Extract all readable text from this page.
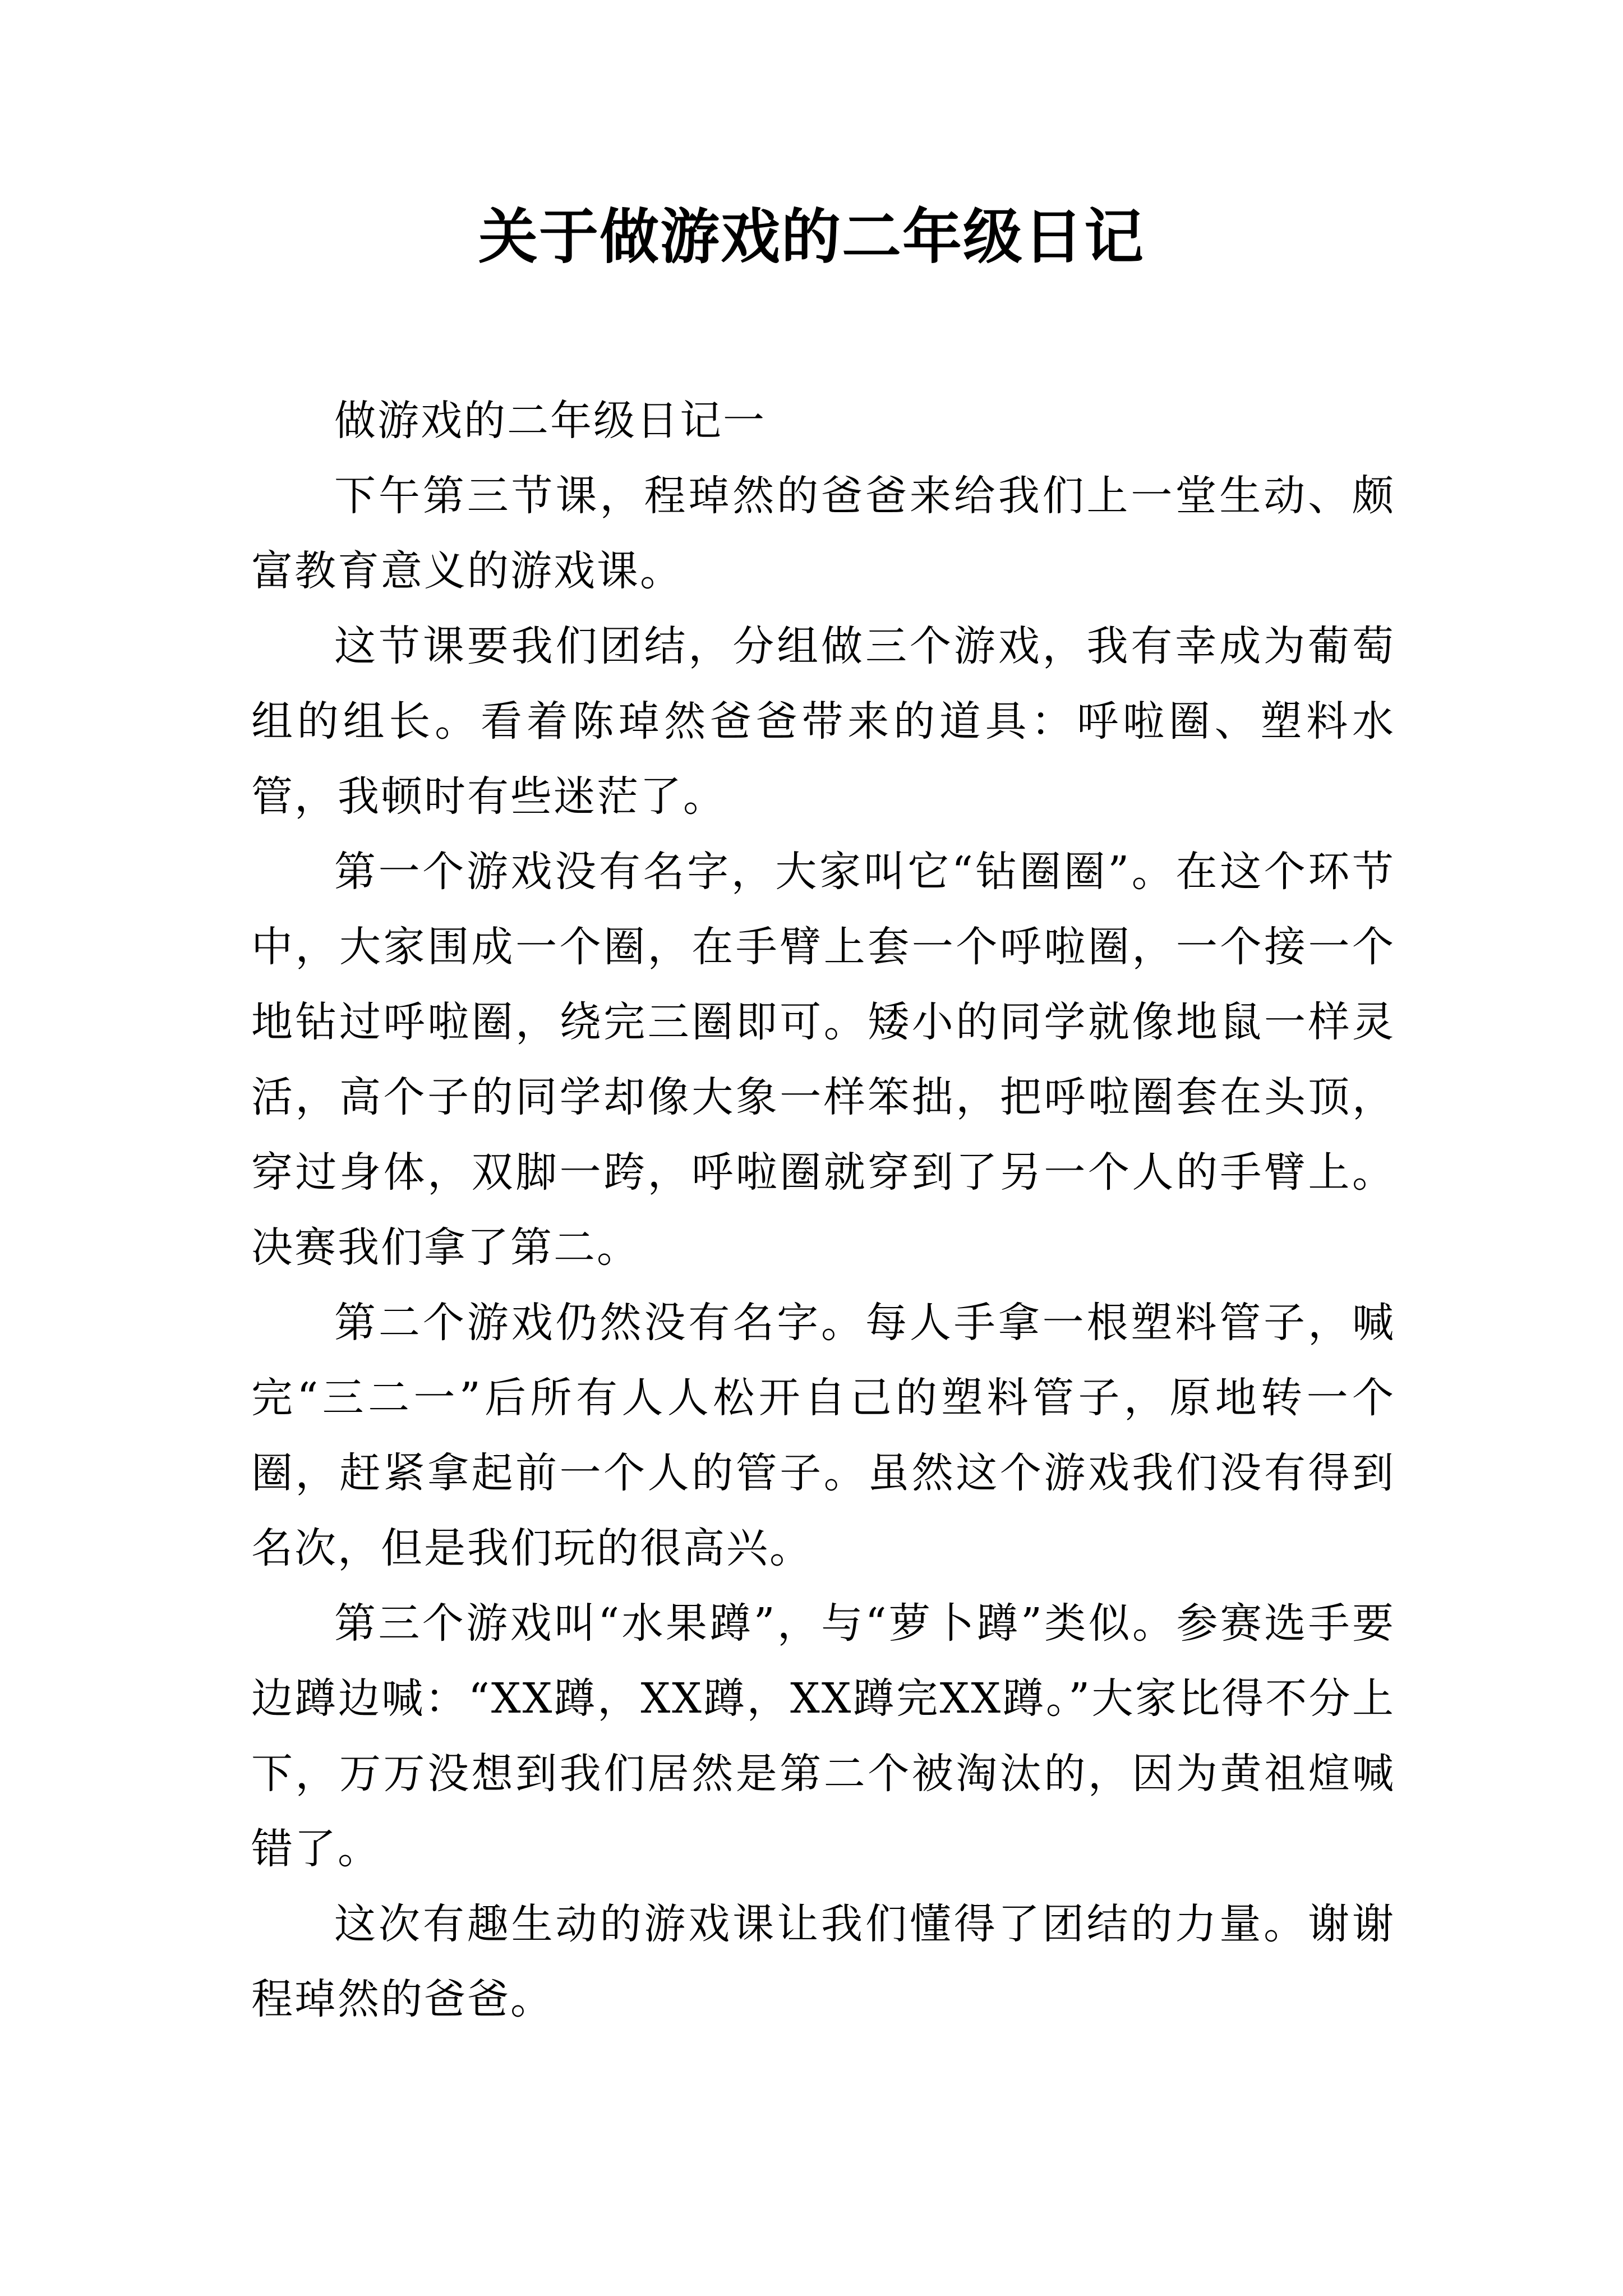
关于做游戏的二年级日记

做游戏的二年级日记一

下午第三节课，程琸然的爸爸来给我们上一堂生动、颇富教育意义的游戏课。

这节课要我们团结，分组做三个游戏，我有幸成为葡萄组的组长。看着陈琸然爸爸带来的道具：呼啦圈、塑料水管，我顿时有些迷茫了。

第一个游戏没有名字，大家叫它“钻圈圈”。在这个环节中，大家围成一个圈，在手臂上套一个呼啦圈，一个接一个地钻过呼啦圈，绕完三圈即可。矮小的同学就像地鼠一样灵活，高个子的同学却像大象一样笨拙，把呼啦圈套在头顶，穿过身体，双脚一跨，呼啦圈就穿到了另一个人的手臂上。决赛我们拿了第二。

第二个游戏仍然没有名字。每人手拿一根塑料管子，喊完“三二一”后所有人人松开自己的塑料管子，原地转一个圈，赶紧拿起前一个人的管子。虽然这个游戏我们没有得到名次，但是我们玩的很高兴。

第三个游戏叫“水果蹲”，与“萝卜蹲”类似。参赛选手要边蹲边喊：“XX蹲，XX蹲，XX蹲完XX蹲。”大家比得不分上下，万万没想到我们居然是第二个被淘汰的，因为黄祖煊喊错了。

这次有趣生动的游戏课让我们懂得了团结的力量。谢谢程琸然的爸爸。
